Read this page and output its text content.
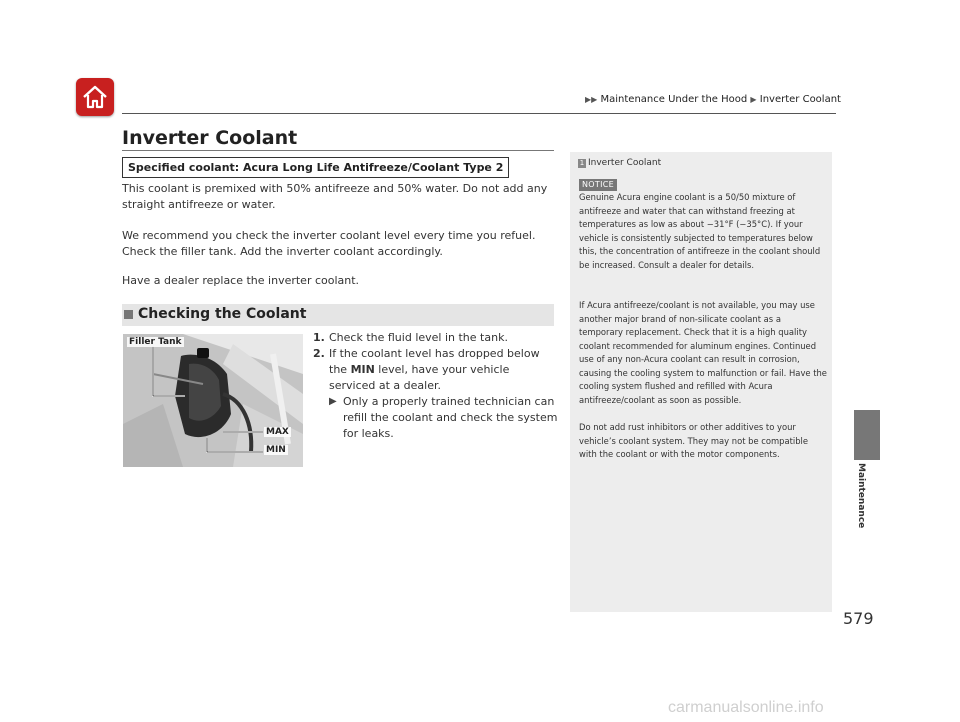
▶▶ Maintenance Under the Hood ▶ Inverter Coolant
Inverter Coolant
Specified coolant: Acura Long Life Antifreeze/Coolant Type 2

This coolant is premixed with 50% antifreeze and 50% water. Do not add any straight antifreeze or water.

We recommend you check the inverter coolant level every time you refuel. Check the filler tank. Add the inverter coolant accordingly.

Have a dealer replace the inverter coolant.

Checking the Coolant
Filler Tank
MAX
MIN
1. Check the fluid level in the tank.
2. If the coolant level has dropped below the MIN level, have your vehicle serviced at a dealer.
▶ Only a properly trained technician can refill the coolant and check the system for leaks.
1 Inverter Coolant
NOTICE

Genuine Acura engine coolant is a 50/50 mixture of antifreeze and water that can withstand freezing at temperatures as low as about −31°F (−35°C). If your vehicle is consistently subjected to temperatures below this, the concentration of antifreeze in the coolant should be increased. Consult a dealer for details.

If Acura antifreeze/coolant is not available, you may use another major brand of non-silicate coolant as a temporary replacement. Check that it is a high quality coolant recommended for aluminum engines. Continued use of any non-Acura coolant can result in corrosion, causing the cooling system to malfunction or fail. Have the cooling system flushed and refilled with Acura antifreeze/coolant as soon as possible.

Do not add rust inhibitors or other additives to your vehicle’s coolant system. They may not be compatible with the coolant or with the motor components.

Maintenance
579
carmanualsonline.info
